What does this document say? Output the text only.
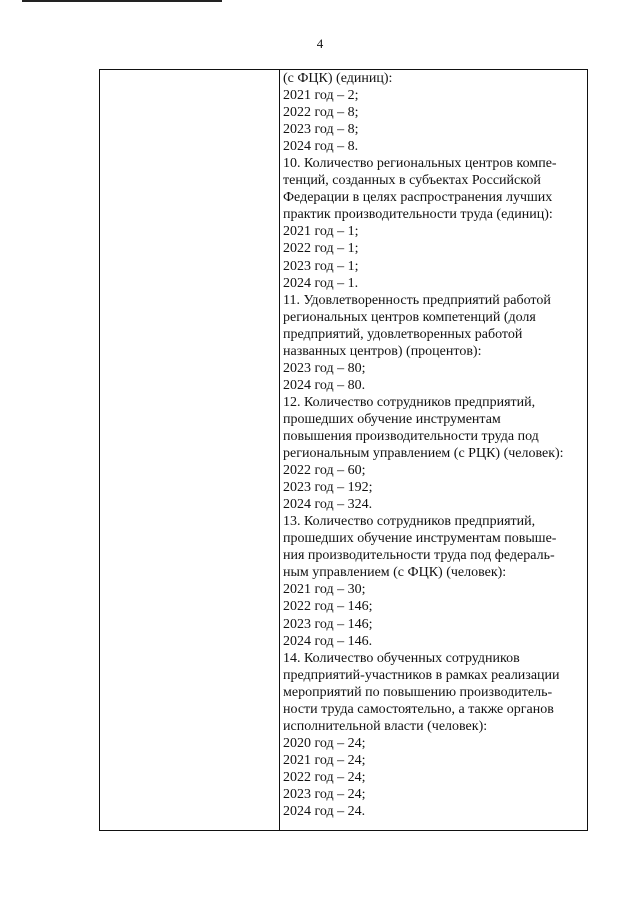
4
(с ФЦК) (единиц):
2021 год – 2;
2022 год – 8;
2023 год – 8;
2024 год – 8.
10. Количество региональных центров компе-
тенций, созданных в субъектах Российской
Федерации в целях распространения лучших
практик производительности труда (единиц):
2021 год – 1;
2022 год – 1;
2023 год – 1;
2024 год – 1.
11. Удовлетворенность предприятий работой
региональных центров компетенций (доля
предприятий, удовлетворенных работой
названных центров) (процентов):
2023 год – 80;
2024 год – 80.
12. Количество сотрудников предприятий,
прошедших обучение инструментам
повышения производительности труда под
региональным управлением (с РЦК) (человек):
2022 год – 60;
2023 год – 192;
2024 год – 324.
13. Количество сотрудников предприятий,
прошедших обучение инструментам повыше-
ния производительности труда под федераль-
ным управлением (с ФЦК) (человек):
2021 год – 30;
2022 год – 146;
2023 год – 146;
2024 год – 146.
14. Количество обученных сотрудников
предприятий-участников в рамках реализации
мероприятий по повышению производитель-
ности труда самостоятельно, а также органов
исполнительной власти (человек):
2020 год – 24;
2021 год – 24;
2022 год – 24;
2023 год – 24;
2024 год – 24.
